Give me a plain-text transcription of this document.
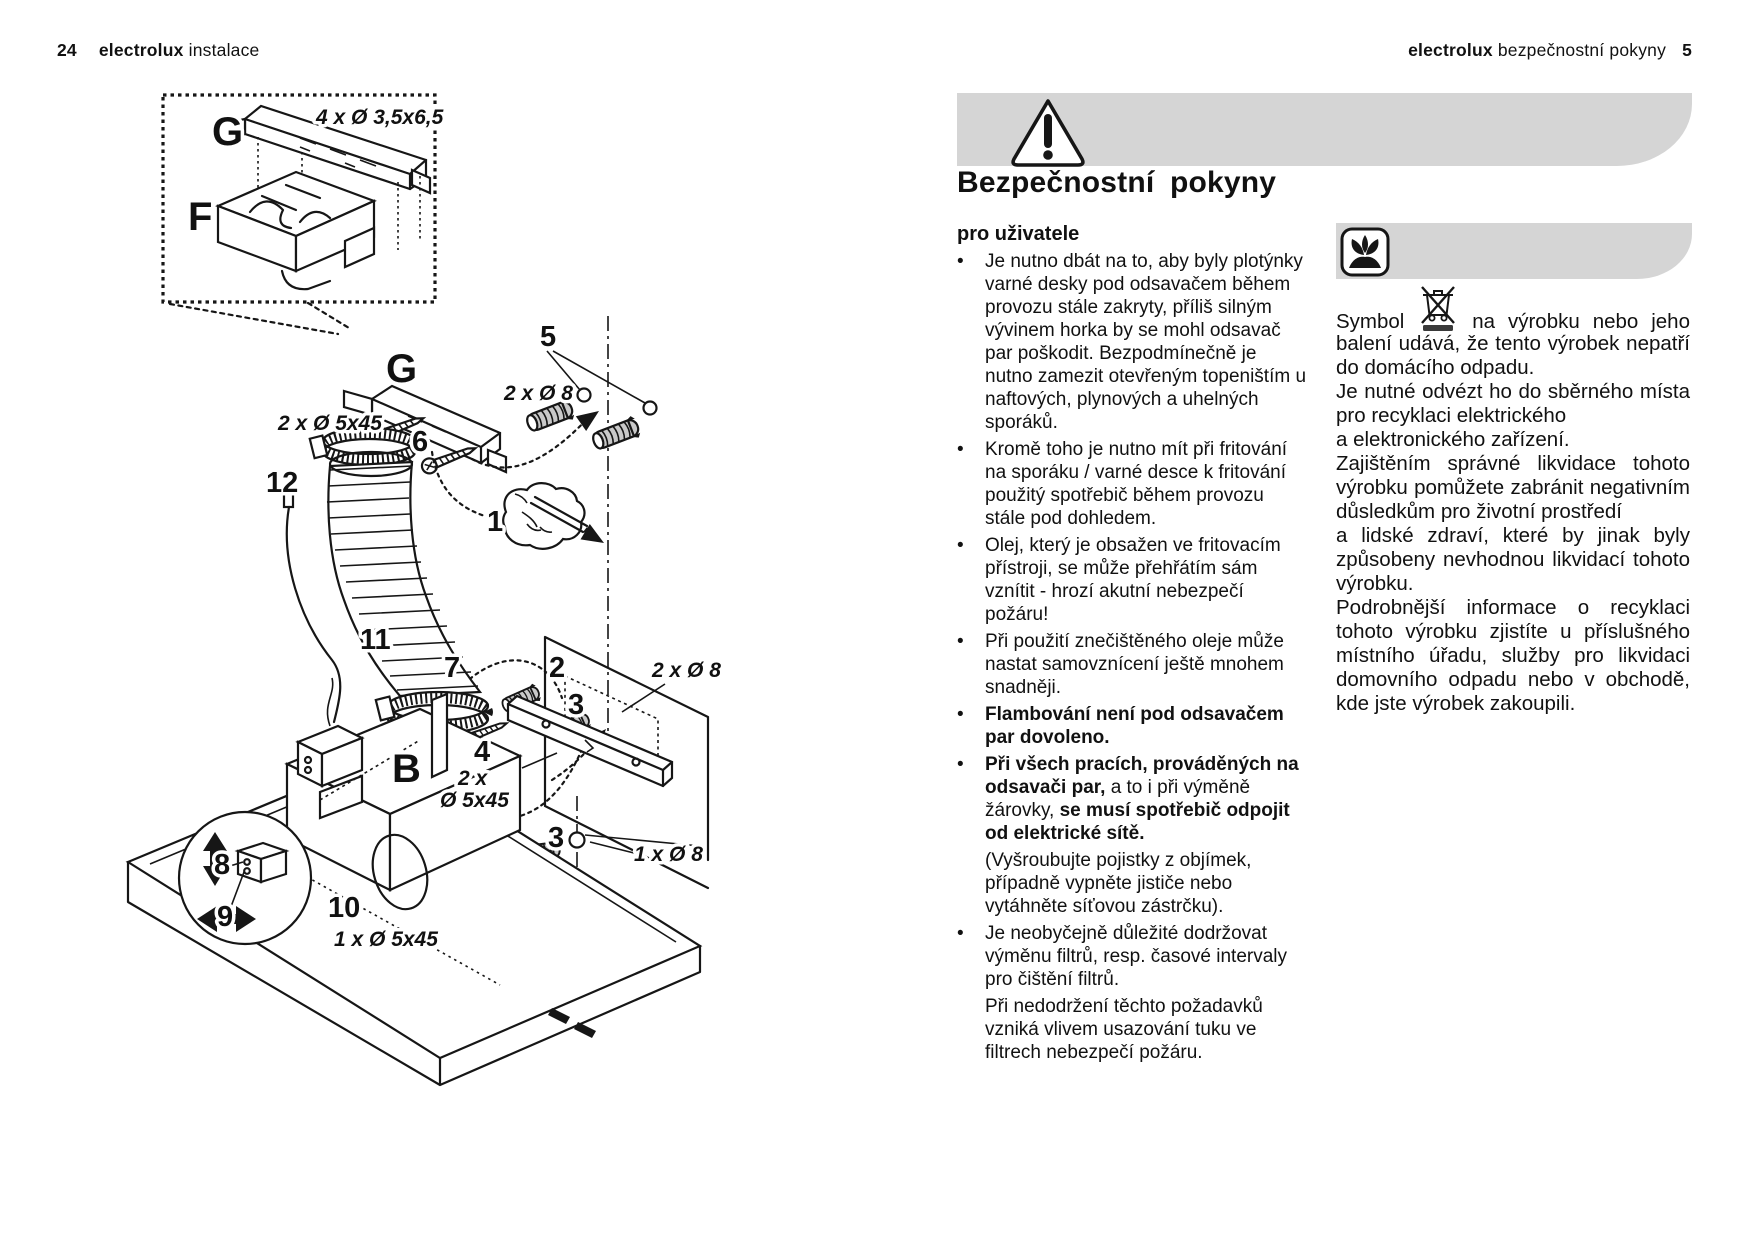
24 electrolux instalace	electrolux bezpečnostní pokyny 5
G	4 x Ø 3,5x6,5
F
G
2 x Ø 5x45
6
12
5
2 x Ø 8
1
11
7	2
3
2 x Ø 8
4
2 x
Ø 5x45
B
3
1 x Ø 8
8
9	10
1 x Ø 5x45
Bezpečnostní pokyny
pro uživatele
•	Je nutno dbát na to, aby byly plotýnky varné desky pod odsavačem během provozu stále zakryty, příliš silným vývinem horka by se mohl odsavač par poškodit. Bezpodmínečně je nutno zamezit otevřeným topeništím u naftových, plynových a uhelných sporáků.
•	Kromě toho je nutno mít při fritování na sporáku / varné desce k fritování použitý spotřebič během provozu stále pod dohledem.
•	Olej, který je obsažen ve fritovacím přístroji, se může přehřátím sám vznítit - hrozí akutní nebezpečí požáru!
•	Při použití znečištěného oleje může nastat samovznícení ještě mnohem snadněji.
•	Flambování není pod odsavačem par dovoleno.
•	Při všech pracích, prováděných na odsavači par, a to i při výměně žárovky, se musí spotřebič odpojit od elektrické sítě.
(Vyšroubujte pojistky z objímek, případně vypněte jističe nebo vytáhněte síťovou zástrčku).
•	Je neobyčejně důležité dodržovat výměnu filtrů, resp. časové intervaly pro čištění filtrů.
Při nedodržení těchto požadavků vzniká vlivem usazování tuku ve filtrech nebezpečí požáru.
Symbol	na výrobku nebo jeho
balení udává, že tento výrobek nepatří
do domácího odpadu.
Je nutné odvézt ho do sběrného místa
pro recyklaci elektrického
a elektronického zařízení.
Zajištěním správné likvidace tohoto
výrobku pomůžete zabránit negativním
důsledkům pro životní prostředí
a lidské zdraví, které by jinak byly
způsobeny nevhodnou likvidací tohoto
výrobku.
Podrobnější informace o recyklaci
tohoto výrobku zjistíte u příslušného
místního úřadu, služby pro likvidaci
domovního odpadu nebo v obchodě,
kde jste výrobek zakoupili.
